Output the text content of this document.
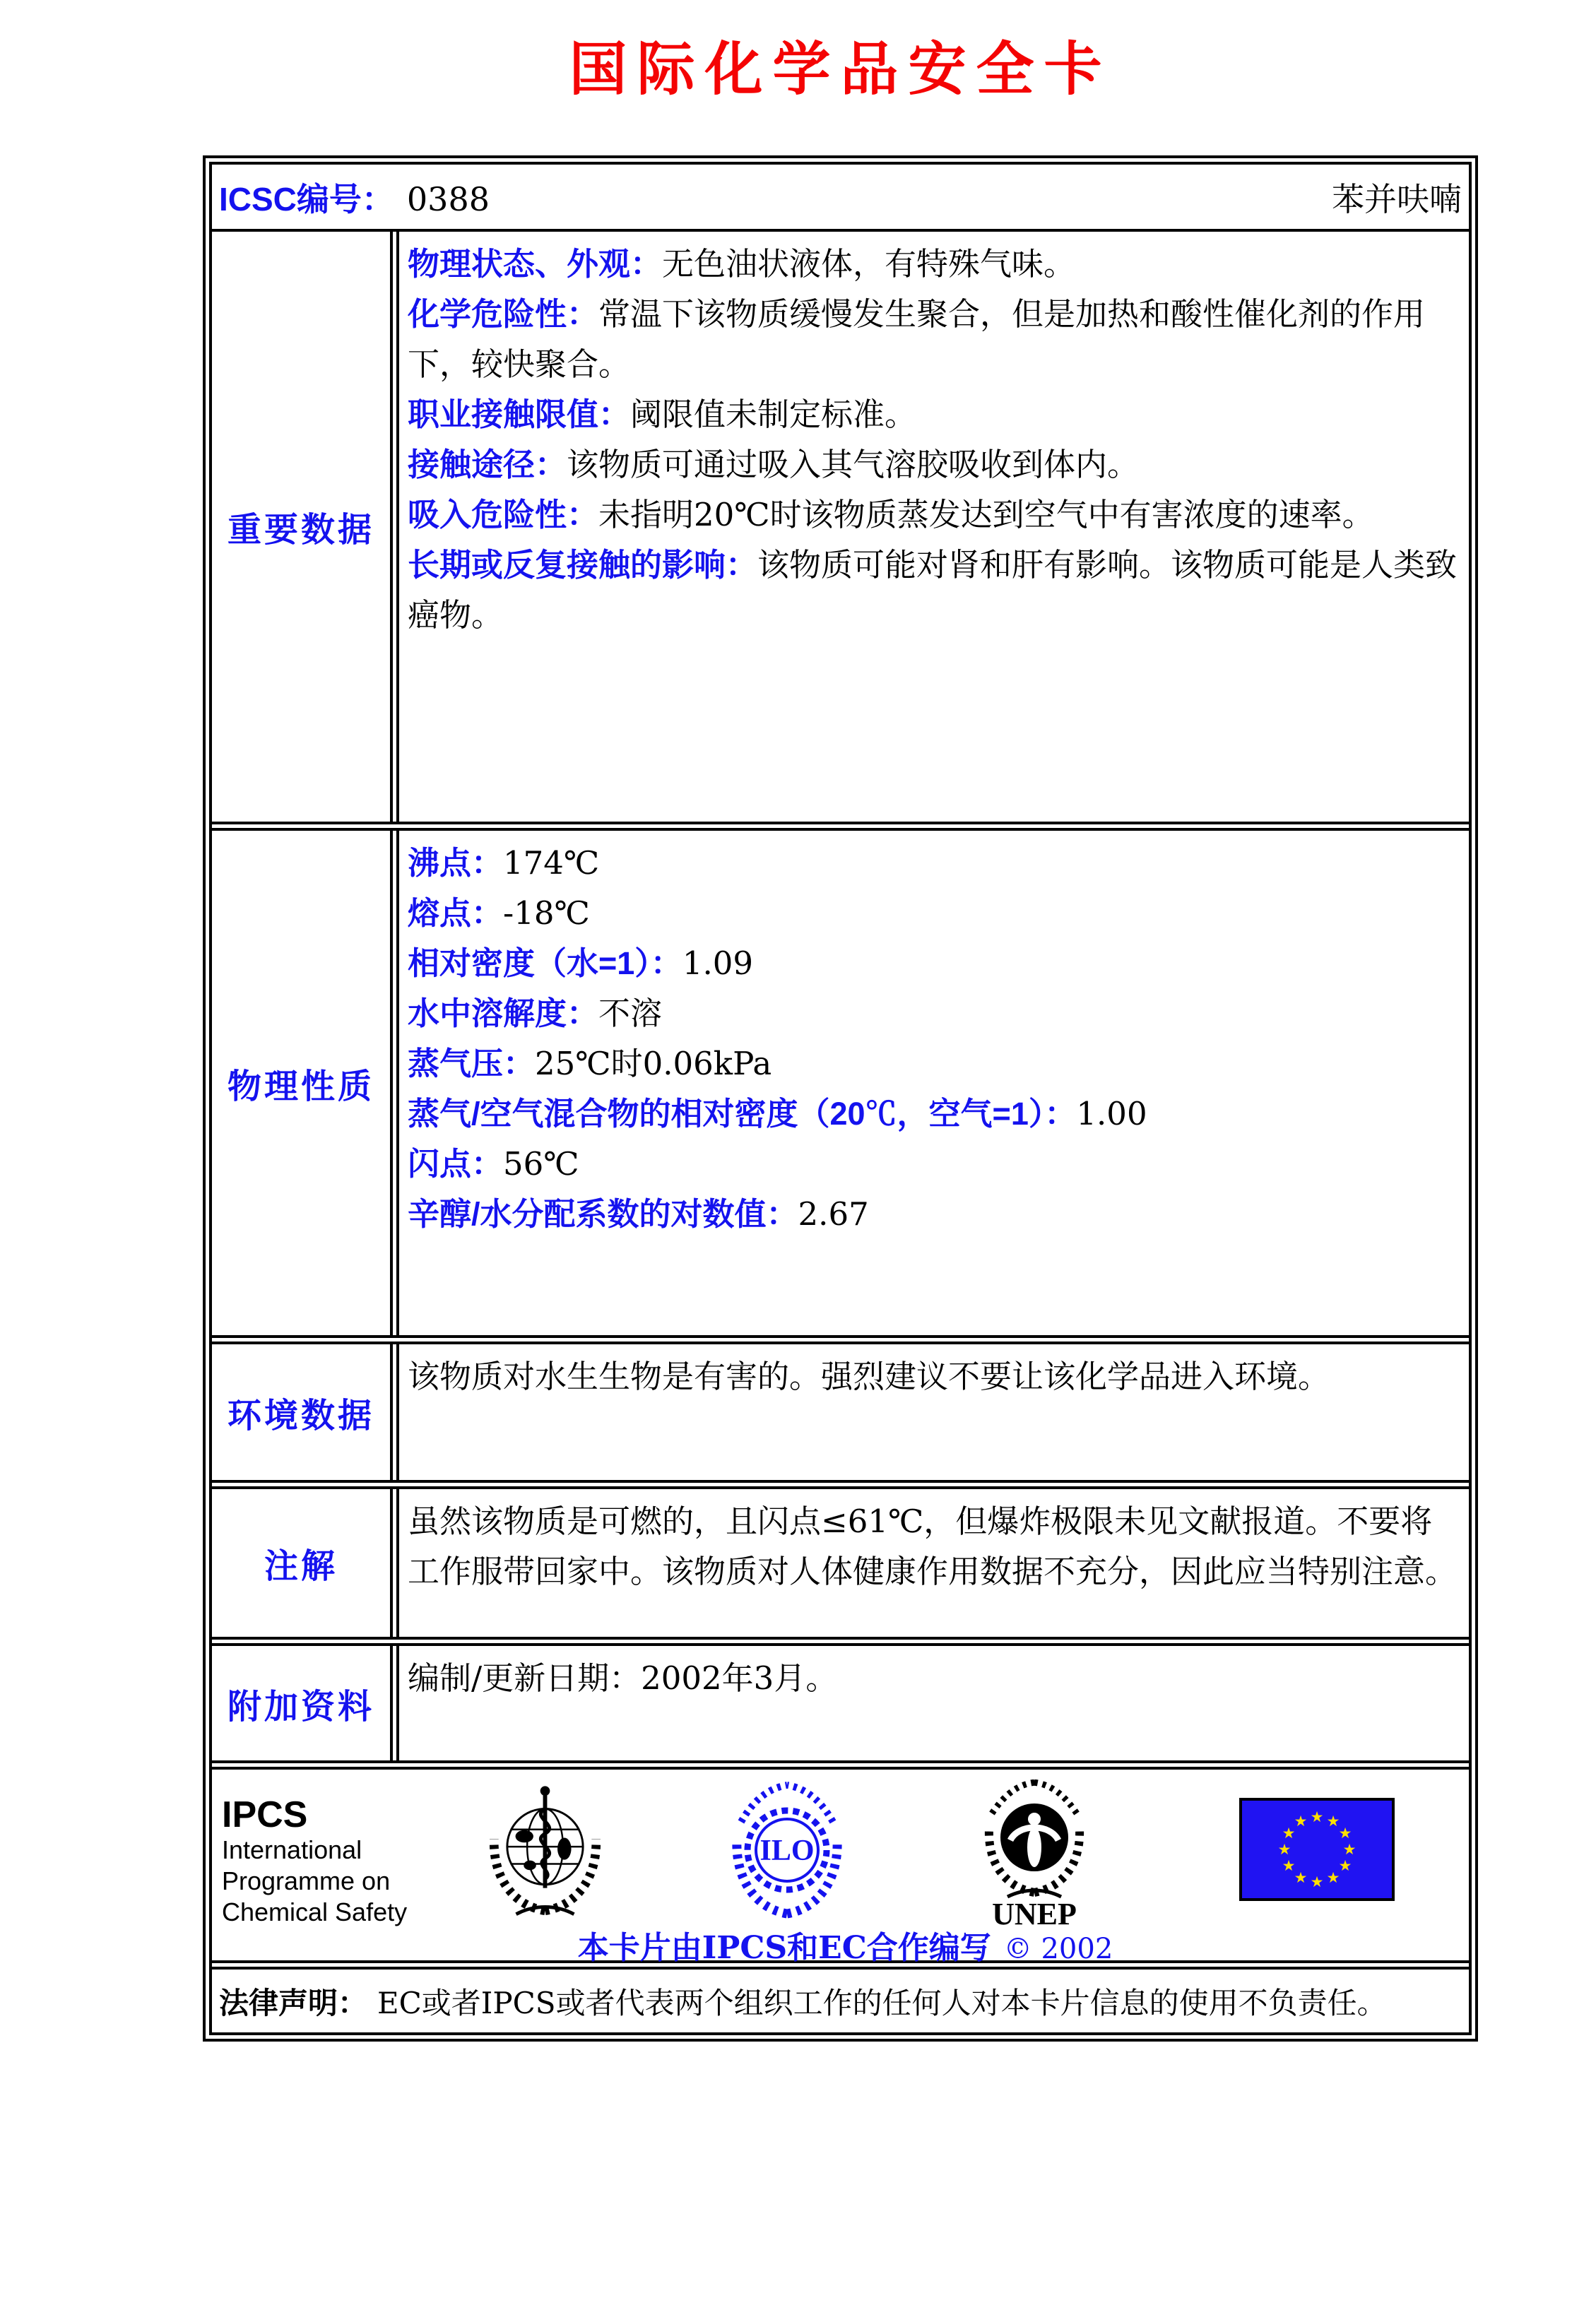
国际化学品安全卡
ICSC编号： 0388	苯并呋喃
重要数据
物理状态、外观：无色油状液体，有特殊气味。
化学危险性：常温下该物质缓慢发生聚合，但是加热和酸性催化剂的作用下，较快聚合。
职业接触限值：阈限值未制定标准。
接触途径：该物质可通过吸入其气溶胶吸收到体内。
吸入危险性：未指明20℃时该物质蒸发达到空气中有害浓度的速率。
长期或反复接触的影响：该物质可能对肾和肝有影响。该物质可能是人类致癌物。
物理性质
沸点：174℃
熔点：-18℃
相对密度（水=1）：1.09
水中溶解度：不溶
蒸气压：25℃时0.06kPa
蒸气/空气混合物的相对密度（20℃，空气=1）：1.00
闪点：56℃
辛醇/水分配系数的对数值：2.67
环境数据
该物质对水生生物是有害的。强烈建议不要让该化学品进入环境。
注解
虽然该物质是可燃的，且闪点≤61℃，但爆炸极限未见文献报道。不要将工作服带回家中。该物质对人体健康作用数据不充分，因此应当特别注意。
附加资料
编制/更新日期：2002年3月。
IPCS
International
Programme on
Chemical Safety
ILO
UNEP
★ ★
★
★
★
★
★
★
★
★
★
★
本卡片由IPCS和EC合作编写 © 2002
法律声明： EC或者IPCS或者代表两个组织工作的任何人对本卡片信息的使用不负责任。
